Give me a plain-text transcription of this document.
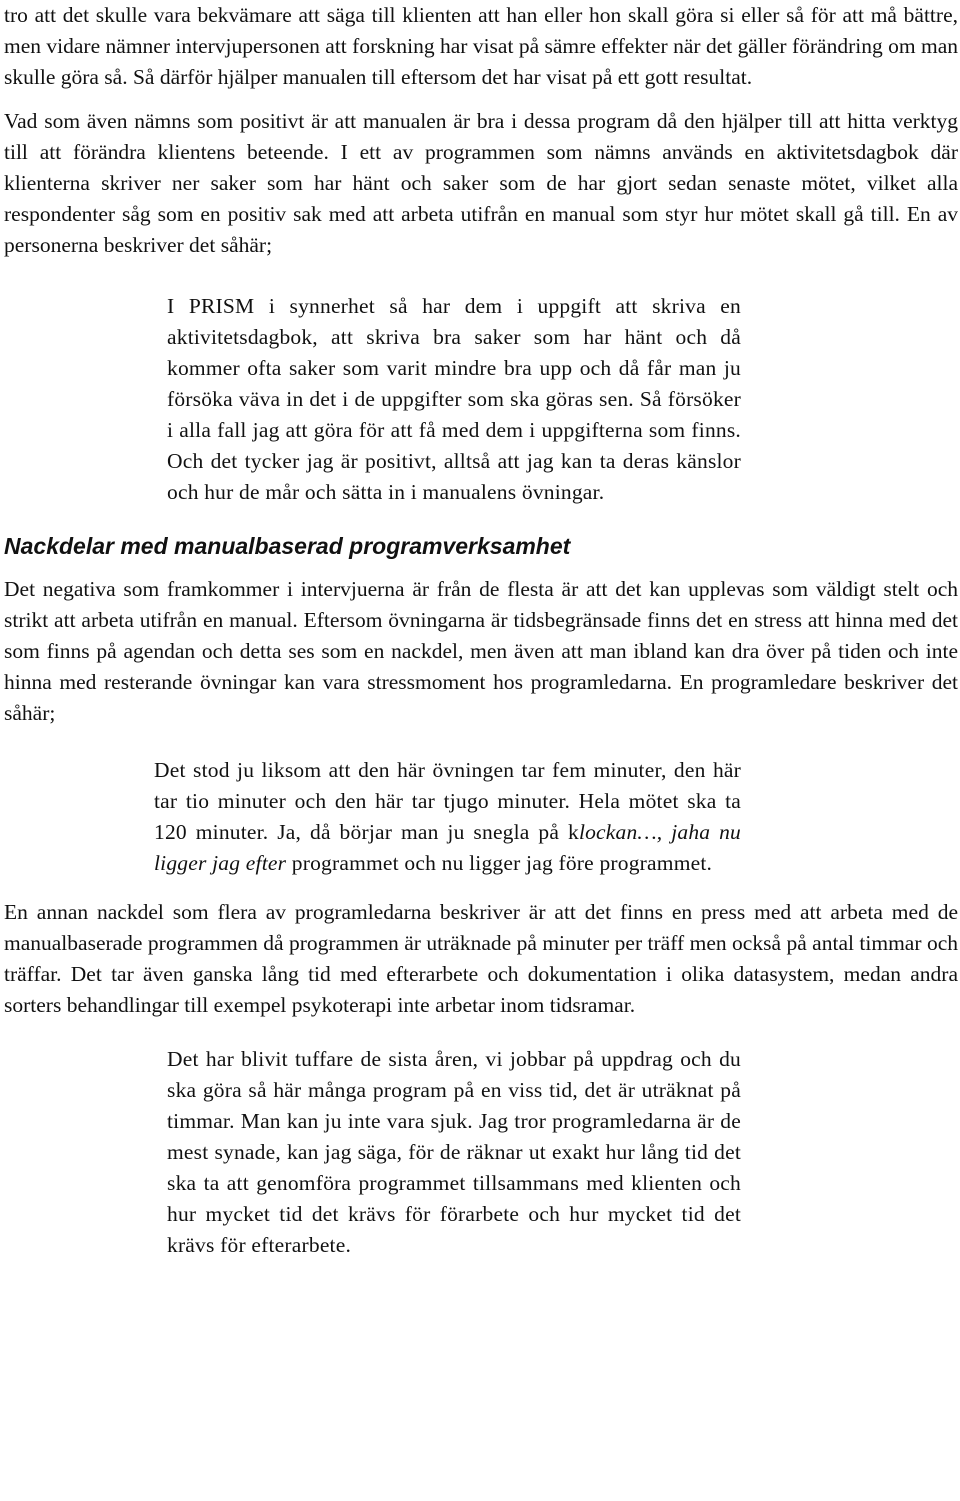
tro att det skulle vara bekvämare att säga till klienten att han eller hon skall göra si eller så för att må bättre, men vidare nämner intervjupersonen att forskning har visat på sämre effekter när det gäller förändring om man skulle göra så. Så därför hjälper manualen till eftersom det har visat på ett gott resultat.

Vad som även nämns som positivt är att manualen är bra i dessa program då den hjälper till att hitta verktyg till att förändra klientens beteende. I ett av programmen som nämns används en aktivitetsdagbok där klienterna skriver ner saker som har hänt och saker som de har gjort sedan senaste mötet, vilket alla respondenter såg som en positiv sak med att arbeta utifrån en manual som styr hur mötet skall gå till. En av personerna beskriver det såhär;

I PRISM i synnerhet så har dem i uppgift att skriva en aktivitetsdagbok, att skriva bra saker som har hänt och då kommer ofta saker som varit mindre bra upp och då får man ju försöka väva in det i de uppgifter som ska göras sen. Så försöker i alla fall jag att göra för att få med dem i uppgifterna som finns. Och det tycker jag är positivt, alltså att jag kan ta deras känslor och hur de mår och sätta in i manualens övningar.

Nackdelar med manualbaserad programverksamhet

Det negativa som framkommer i intervjuerna är från de flesta är att det kan upplevas som väldigt stelt och strikt att arbeta utifrån en manual. Eftersom övningarna är tidsbegränsade finns det en stress att hinna med det som finns på agendan och detta ses som en nackdel, men även att man ibland kan dra över på tiden och inte hinna med resterande övningar kan vara stressmoment hos programledarna. En programledare beskriver det såhär;

Det stod ju liksom att den här övningen tar fem minuter, den här tar tio minuter och den här tar tjugo minuter. Hela mötet ska ta 120 minuter. Ja, då börjar man ju snegla på klockan…, jaha nu ligger jag efter programmet och nu ligger jag före programmet.

En annan nackdel som flera av programledarna beskriver är att det finns en press med att arbeta med de manualbaserade programmen då programmen är uträknade på minuter per träff men också på antal timmar och träffar. Det tar även ganska lång tid med efterarbete och dokumentation i olika datasystem, medan andra sorters behandlingar till exempel psykoterapi inte arbetar inom tidsramar.

Det har blivit tuffare de sista åren, vi jobbar på uppdrag och du ska göra så här många program på en viss tid, det är uträknat på timmar. Man kan ju inte vara sjuk. Jag tror programledarna är de mest synade, kan jag säga, för de räknar ut exakt hur lång tid det ska ta att genomföra programmet tillsammans med klienten och hur mycket tid det krävs för förarbete och hur mycket tid det krävs för efterarbete.
